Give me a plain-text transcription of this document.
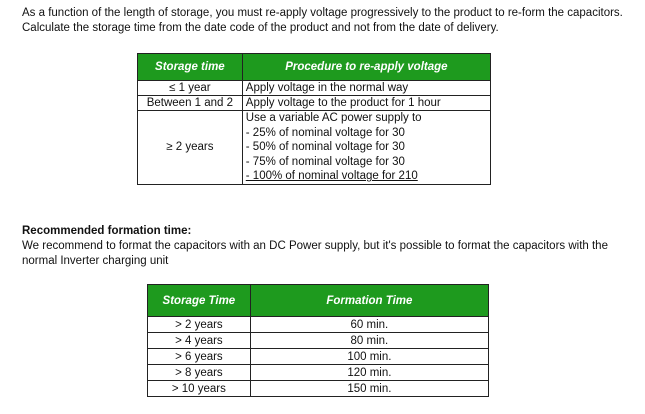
As a function of the length of storage, you must re-apply voltage progressively to the product to re-form the capacitors. Calculate the storage time from the date code of the product and not from the date of delivery.

Storage time	Procedure to re-apply voltage
≤ 1 year	Apply voltage in the normal way
Between 1 and 2	Apply voltage to the product for 1 hour
≥ 2 years	Use a variable AC power supply to
- 25% of nominal voltage for 30
- 50% of nominal voltage for 30
- 75% of nominal voltage for 30
- 100% of nominal voltage for 210

Recommended formation time:

We recommend to format the capacitors with an DC Power supply, but it's possible to format the capacitors with the normal Inverter charging unit

Storage Time	Formation Time
> 2 years	60 min.
> 4 years	80 min.
> 6 years	100 min.
> 8 years	120 min.
> 10 years	150 min.
